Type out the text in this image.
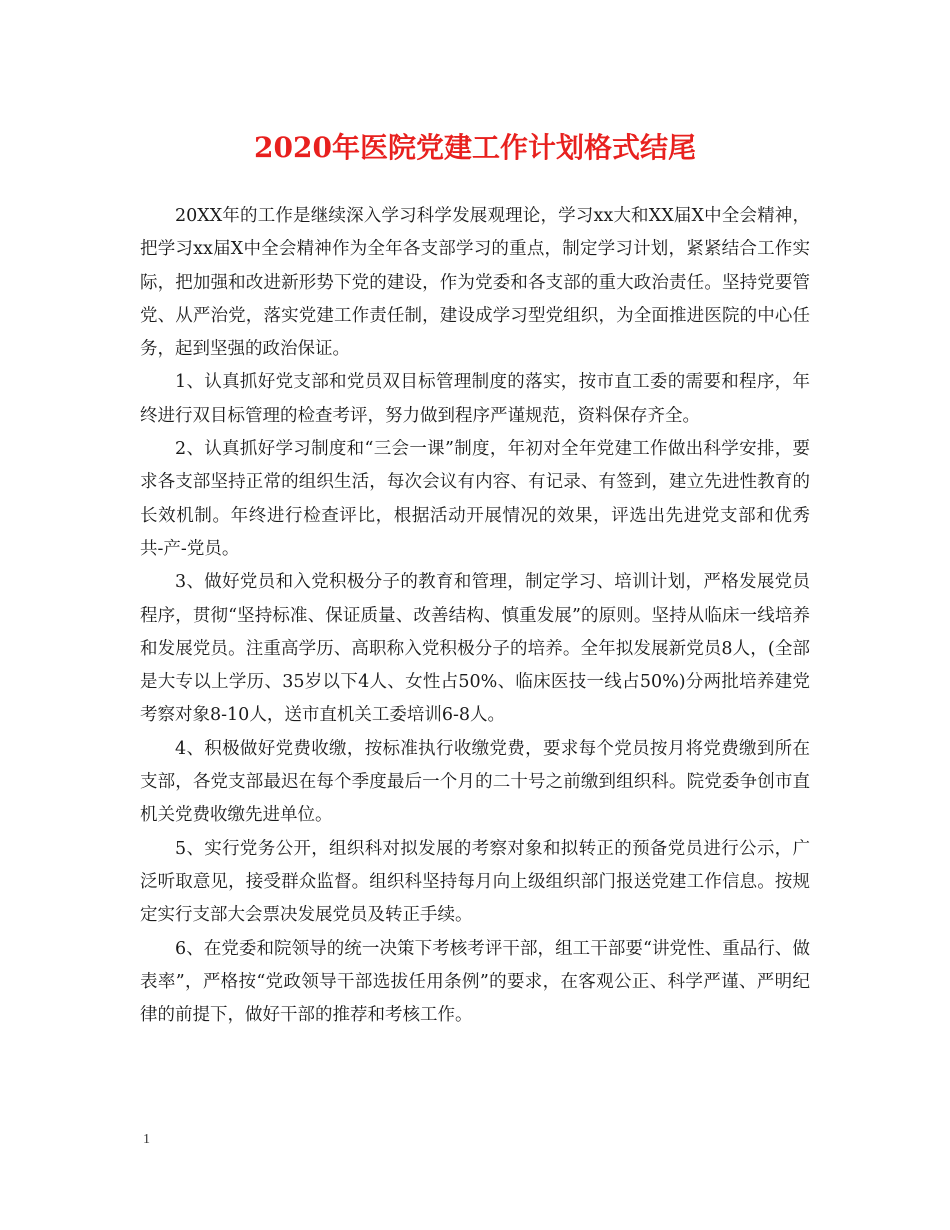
2020年医院党建工作计划格式结尾

20XX年的工作是继续深入学习科学发展观理论，学习xx大和XX届X中全会精神，把学习xx届X中全会精神作为全年各支部学习的重点，制定学习计划，紧紧结合工作实际，把加强和改进新形势下党的建设，作为党委和各支部的重大政治责任。坚持党要管党、从严治党，落实党建工作责任制，建设成学习型党组织，为全面推进医院的中心任务，起到坚强的政治保证。

1、认真抓好党支部和党员双目标管理制度的落实，按市直工委的需要和程序，年终进行双目标管理的检查考评，努力做到程序严谨规范，资料保存齐全。

2、认真抓好学习制度和“三会一课”制度，年初对全年党建工作做出科学安排，要求各支部坚持正常的组织生活，每次会议有内容、有记录、有签到，建立先进性教育的长效机制。年终进行检查评比，根据活动开展情况的效果，评选出先进党支部和优秀共-产-党员。

3、做好党员和入党积极分子的教育和管理，制定学习、培训计划，严格发展党员程序，贯彻“坚持标准、保证质量、改善结构、慎重发展”的原则。坚持从临床一线培养和发展党员。注重高学历、高职称入党积极分子的培养。全年拟发展新党员8人，(全部是大专以上学历、35岁以下4人、女性占50%、临床医技一线占50%)分两批培养建党考察对象8-10人，送市直机关工委培训6-8人。

4、积极做好党费收缴，按标准执行收缴党费，要求每个党员按月将党费缴到所在支部，各党支部最迟在每个季度最后一个月的二十号之前缴到组织科。院党委争创市直机关党费收缴先进单位。

5、实行党务公开，组织科对拟发展的考察对象和拟转正的预备党员进行公示，广泛听取意见，接受群众监督。组织科坚持每月向上级组织部门报送党建工作信息。按规定实行支部大会票决发展党员及转正手续。

6、在党委和院领导的统一决策下考核考评干部，组工干部要“讲党性、重品行、做表率”，严格按“党政领导干部选拔任用条例”的要求，在客观公正、科学严谨、严明纪律的前提下，做好干部的推荐和考核工作。

1
